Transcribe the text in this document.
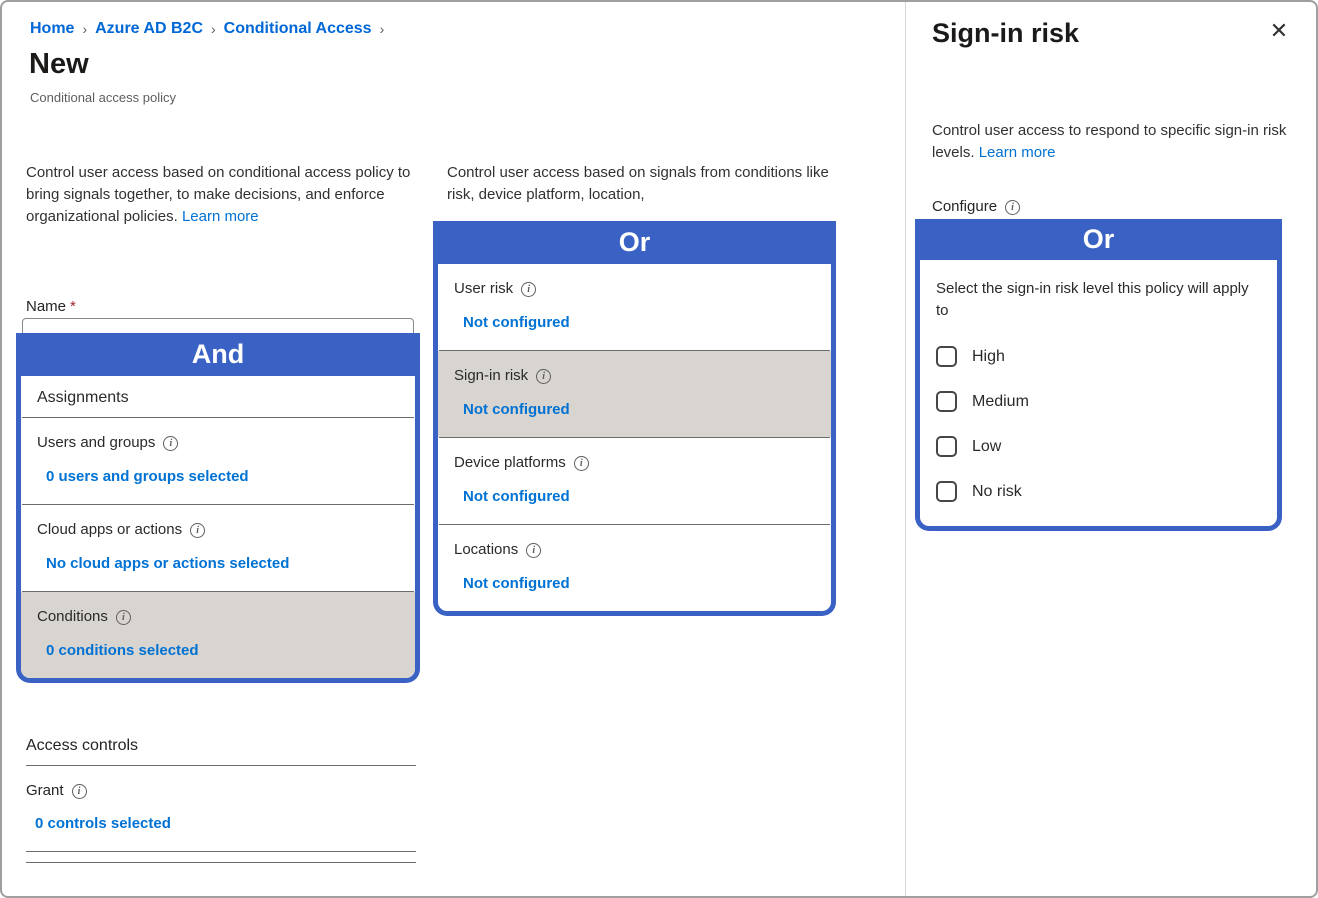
Home › Azure AD B2C › Conditional Access ›
New
Conditional access policy

Control user access based on conditional access policy to bring signals together, to make decisions, and enforce organizational policies. Learn more

Name *
And
Assignments
Users and groups i
0 users and groups selected
Cloud apps or actions i
No cloud apps or actions selected
Conditions i
0 conditions selected
Access controls
Grant i
0 controls selected

Control user access based on signals from conditions like risk, device platform, location,

Or
User risk i
Not configured
Sign-in risk i
Not configured
Device platforms i
Not configured
Locations i
Not configured
Sign-in risk	✕

Control user access to respond to specific sign-in risk levels. Learn more

Configure i
Or
Select the sign-in risk level this policy will apply to
High
Medium
Low
No risk
